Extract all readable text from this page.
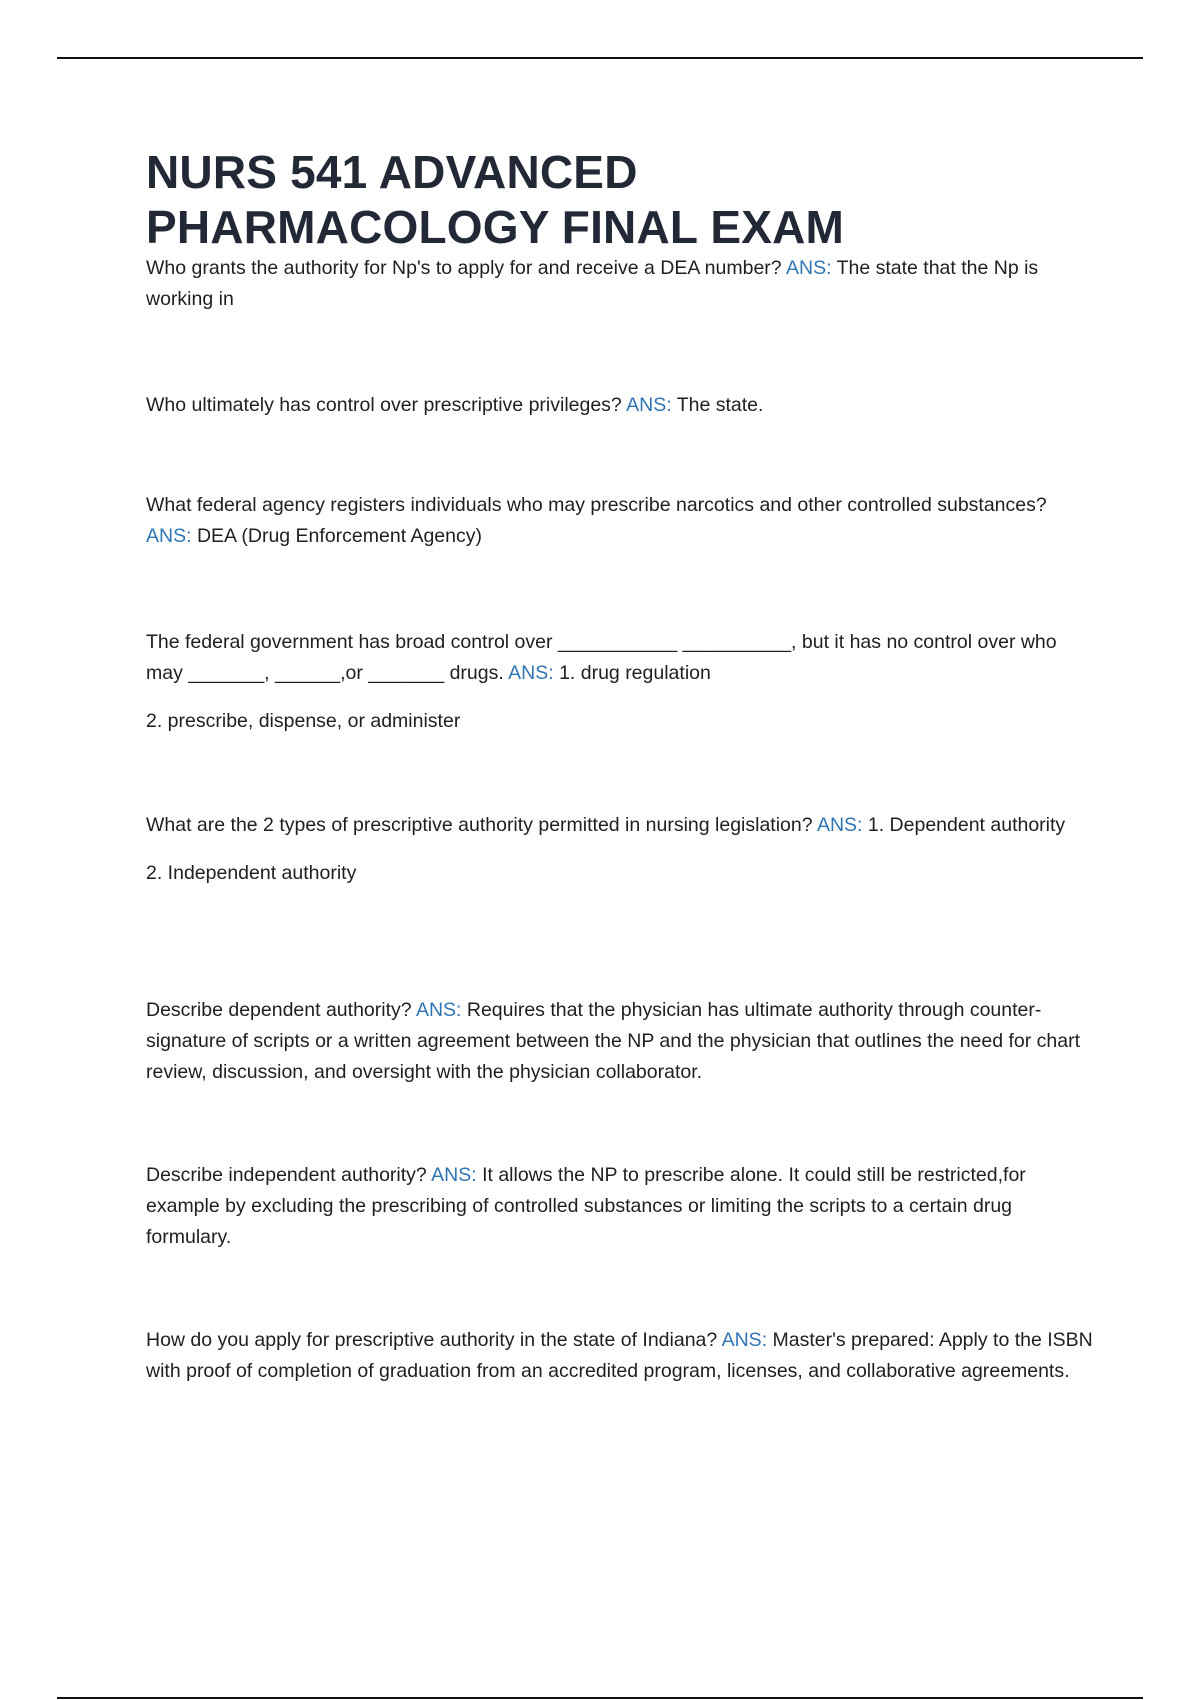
NURS 541 ADVANCED
PHARMACOLOGY FINAL EXAM

Who grants the authority for Np's to apply for and receive a DEA number? ANS: The state that the Np is working in

Who ultimately has control over prescriptive privileges? ANS: The state.

What federal agency registers individuals who may prescribe narcotics and other controlled substances? ANS: DEA (Drug Enforcement Agency)

The federal government has broad control over ___________ __________, but it has no control over who may _______, ______,or _______ drugs. ANS: 1. drug regulation

2. prescribe, dispense, or administer

What are the 2 types of prescriptive authority permitted in nursing legislation? ANS: 1. Dependent authority

2. Independent authority

Describe dependent authority? ANS: Requires that the physician has ultimate authority through counter-signature of scripts or a written agreement between the NP and the physician that outlines the need for chart review, discussion, and oversight with the physician collaborator.

Describe independent authority? ANS: It allows the NP to prescribe alone. It could still be restricted,for example by excluding the prescribing of controlled substances or limiting the scripts to a certain drug formulary.

How do you apply for prescriptive authority in the state of Indiana? ANS: Master's prepared: Apply to the ISBN with proof of completion of graduation from an accredited program, licenses, and collaborative agreements.
